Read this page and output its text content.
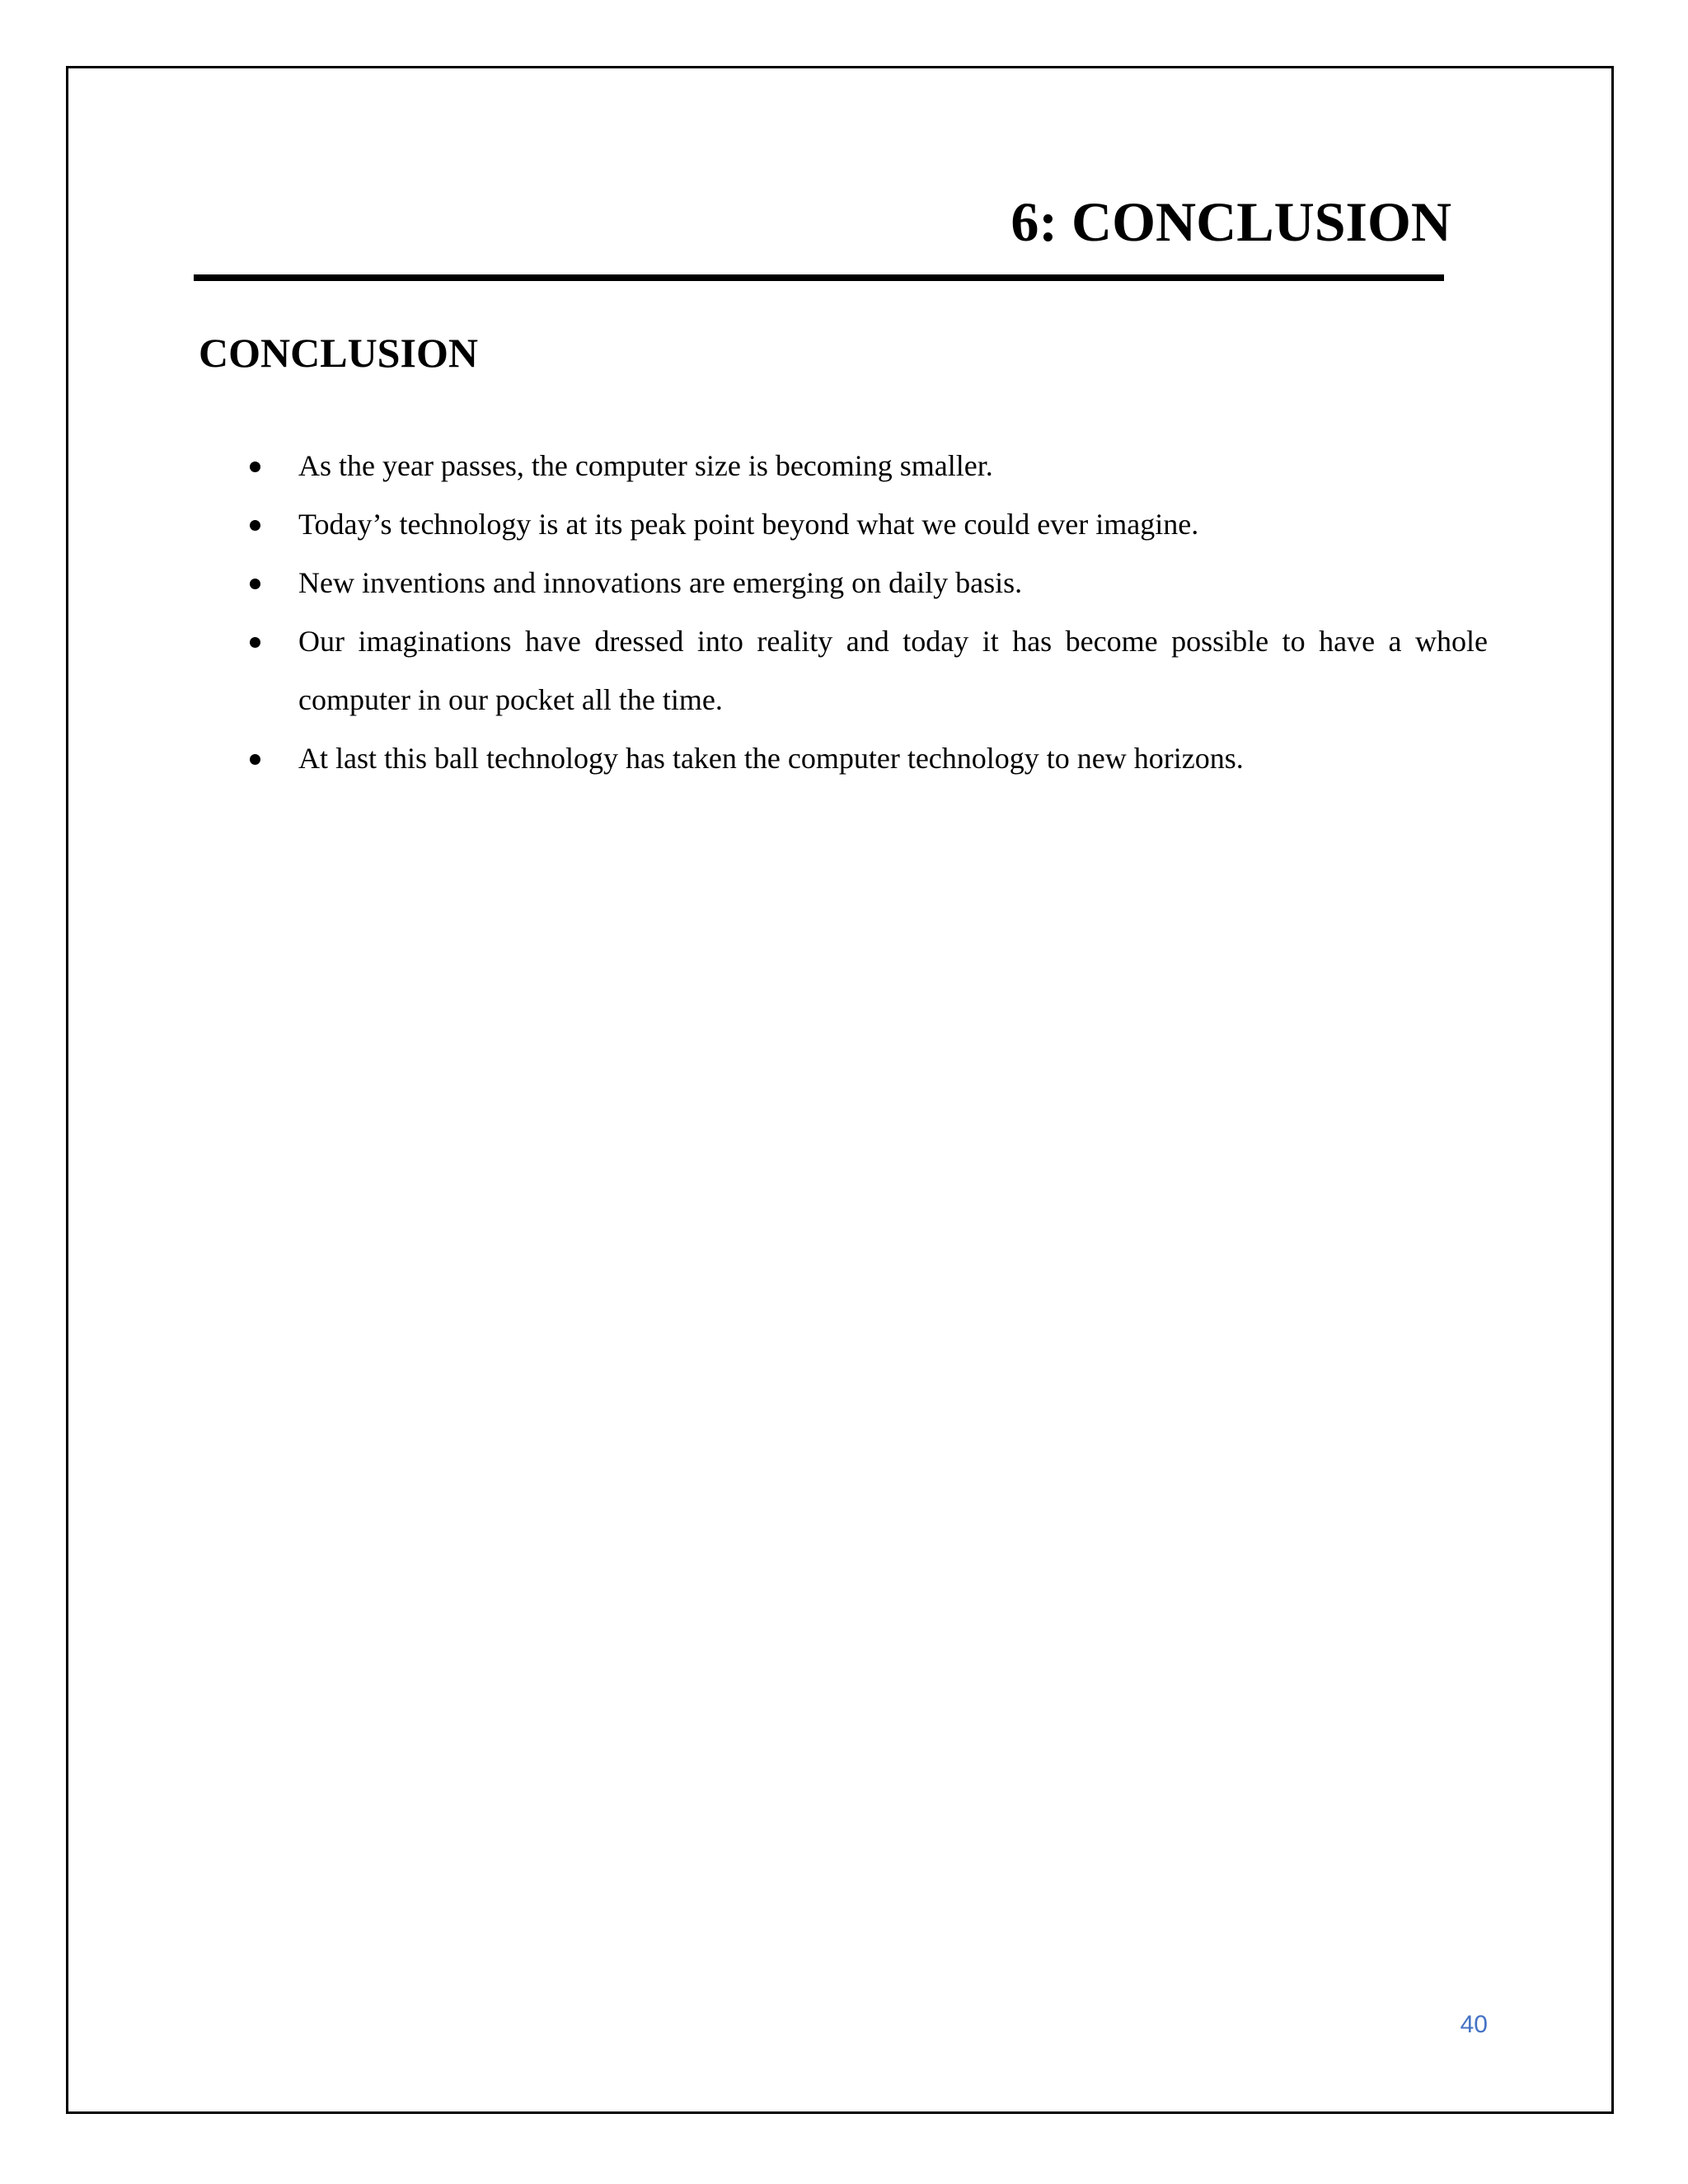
6: CONCLUSION
CONCLUSION
As the year passes, the computer size is becoming smaller.
Today’s technology is at its peak point beyond what we could ever imagine.
New inventions and innovations are emerging on daily basis.
Our imaginations have dressed into reality and today it has become possible to have a whole computer in our pocket all the time.
At last this ball technology has taken the computer technology to new horizons.
40
